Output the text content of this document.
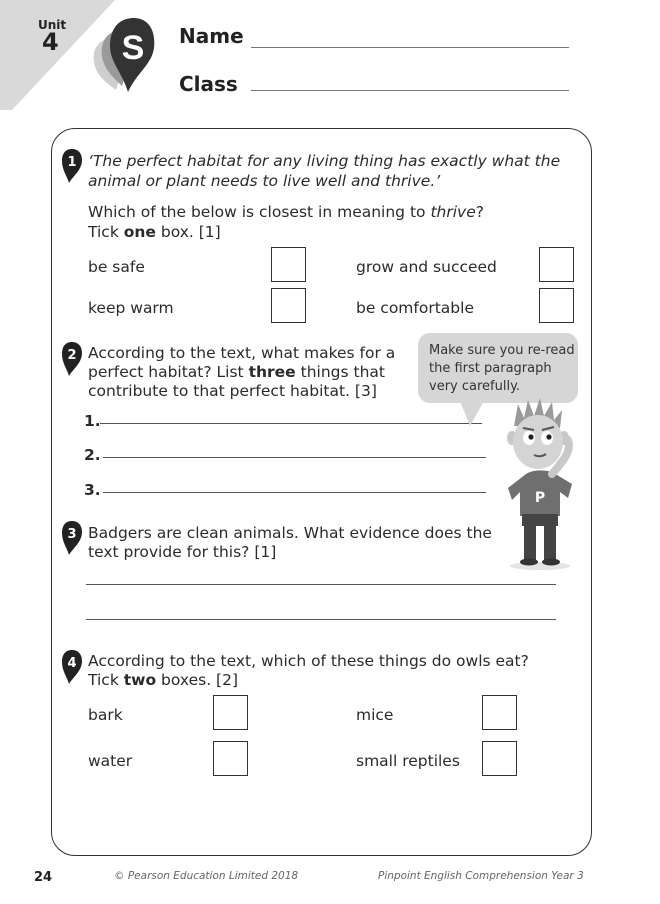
Unit
4 S Name
Class
1 ‘The perfect habitat for any living thing has exactly what the
animal or plant needs to live well and thrive.’
Which of the below is closest in meaning to thrive?
Tick one box. [1]
be safe	grow and succeed
keep warm	be comfortable
2 According to the text, what makes for a
perfect habitat? List three things that
contribute to that perfect habitat. [3]
1.
2.
3.
Make sure you re-read
the first paragraph
very carefully.
P
3 Badgers are clean animals. What evidence does the
text provide for this? [1]
4 According to the text, which of these things do owls eat?
Tick two boxes. [2]
bark	mice
water	small reptiles
24	© Pearson Education Limited 2018	Pinpoint English Comprehension Year 3
